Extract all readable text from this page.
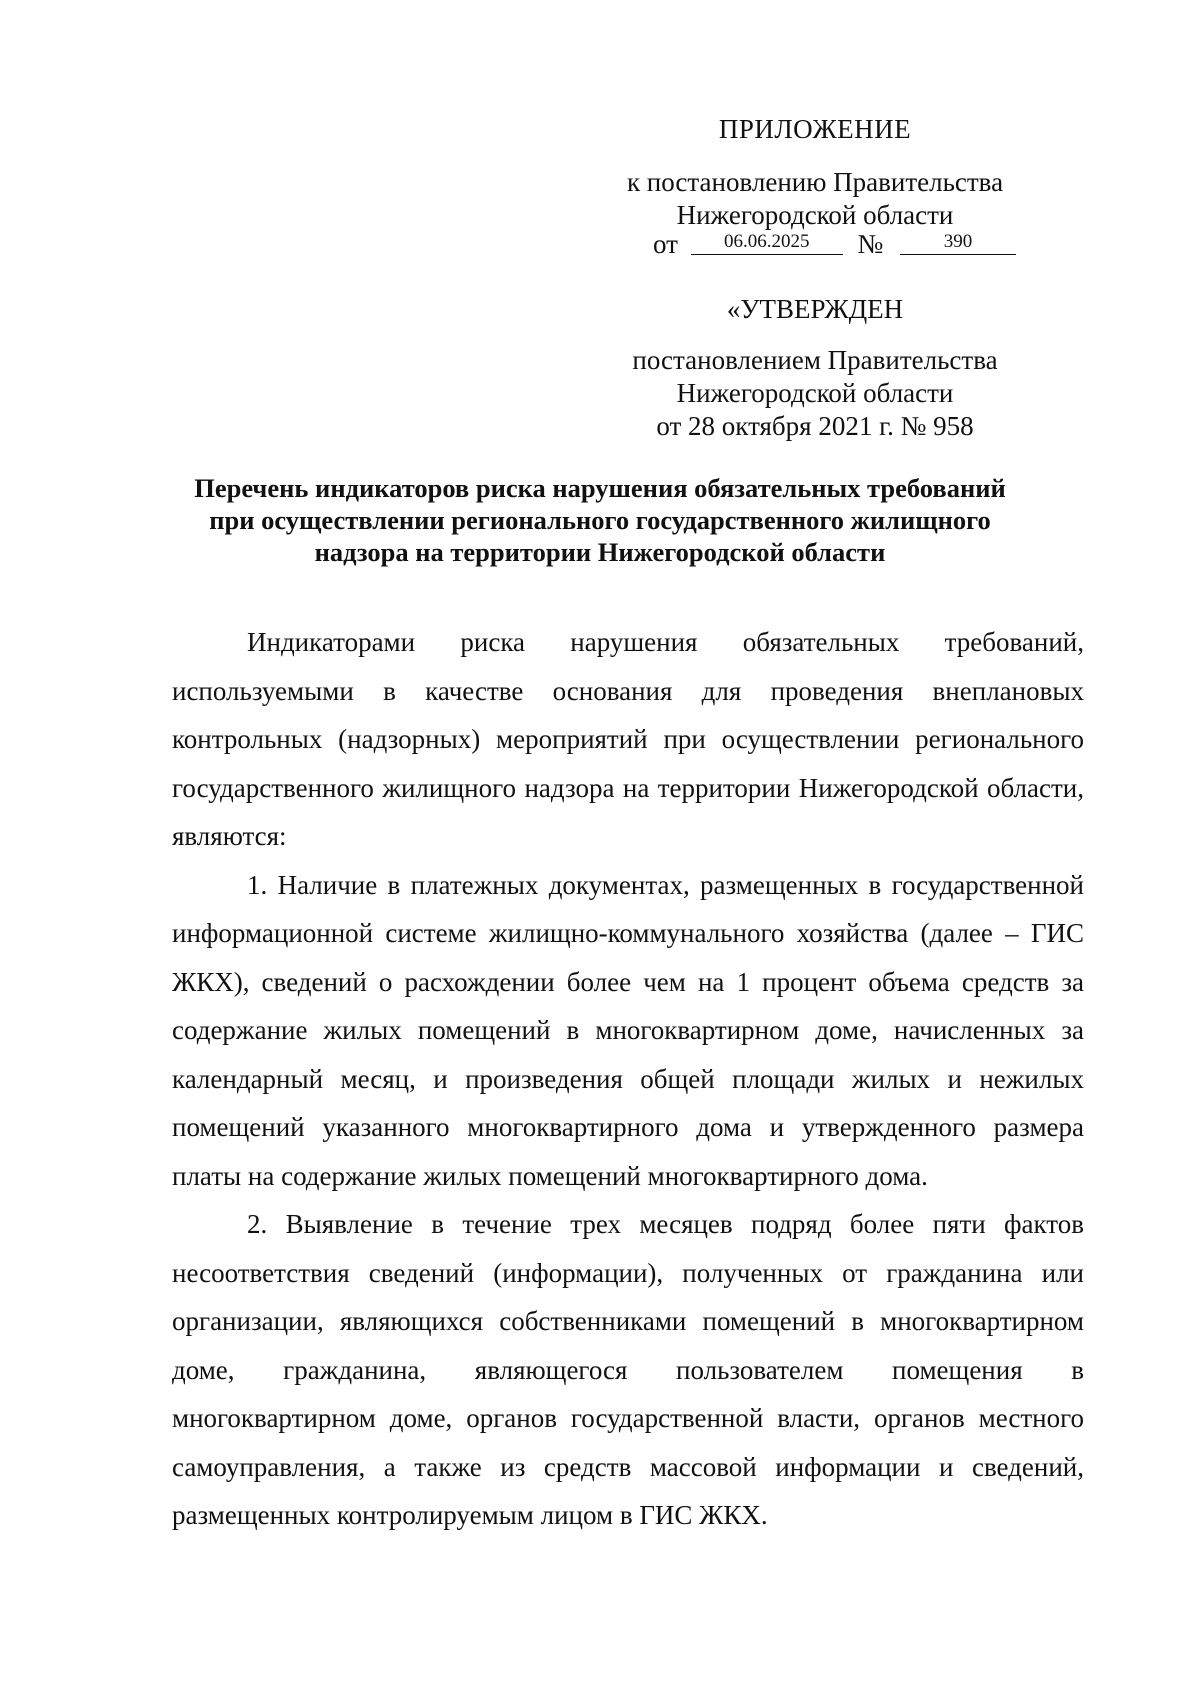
ПРИЛОЖЕНИЕ
к постановлению Правительства
Нижегородской области
от $^{06.06.2025}$ №	$^{390}$
«УТВЕРЖДЕН
постановлением Правительства
Нижегородской области
от 28 октября 2021 г. № 958
Перечень индикаторов риска нарушения обязательных требований
при осуществлении регионального государственного жилищного
надзора на территории Нижегородской области

Индикаторами риска нарушения обязательных требований, используемыми в качестве основания для проведения внеплановых контрольных (надзорных) мероприятий при осуществлении регионального государственного жилищного надзора на территории Нижегородской области, являются:

1. Наличие в платежных документах, размещенных в государственной информационной системе жилищно-коммунального хозяйства (далее – ГИС ЖКХ), сведений о расхождении более чем на 1 процент объема средств за содержание жилых помещений в многоквартирном доме, начисленных за календарный месяц, и произведения общей площади жилых и нежилых помещений указанного многоквартирного дома и утвержденного размера платы на содержание жилых помещений многоквартирного дома.

2. Выявление в течение трех месяцев подряд более пяти фактов несоответствия сведений (информации), полученных от гражданина или организации, являющихся собственниками помещений в многоквартирном доме, гражданина, являющегося пользователем помещения в многоквартирном доме, органов государственной власти, органов местного самоуправления, а также из средств массовой информации и сведений, размещенных контролируемым лицом в ГИС ЖКХ.
